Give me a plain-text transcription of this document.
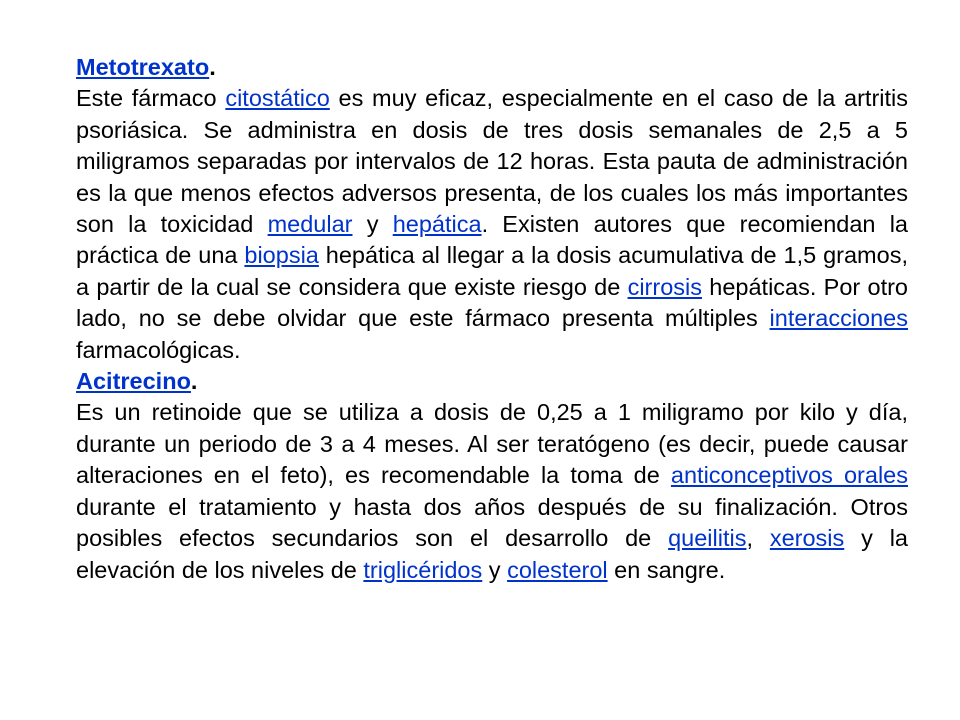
Metotrexato.

Este fármaco citostático es muy eficaz, especialmente en el caso de la artritis psoriásica. Se administra en dosis de tres dosis semanales de 2,5 a 5 miligramos separadas por intervalos de 12 horas. Esta pauta de administración es la que menos efectos adversos presenta, de los cuales los más importantes son la toxicidad medular y hepática. Existen autores que recomiendan la práctica de una biopsia hepática al llegar a la dosis acumulativa de 1,5 gramos, a partir de la cual se considera que existe riesgo de cirrosis hepáticas. Por otro lado, no se debe olvidar que este fármaco presenta múltiples interacciones farmacológicas.

Acitrecino.

Es un retinoide que se utiliza a dosis de 0,25 a 1 miligramo por kilo y día, durante un periodo de 3 a 4 meses. Al ser teratógeno (es decir, puede causar alteraciones en el feto), es recomendable la toma de anticonceptivos orales durante el tratamiento y hasta dos años después de su finalización. Otros posibles efectos secundarios son el desarrollo de queilitis, xerosis y la elevación de los niveles de triglicéridos y colesterol en sangre.
